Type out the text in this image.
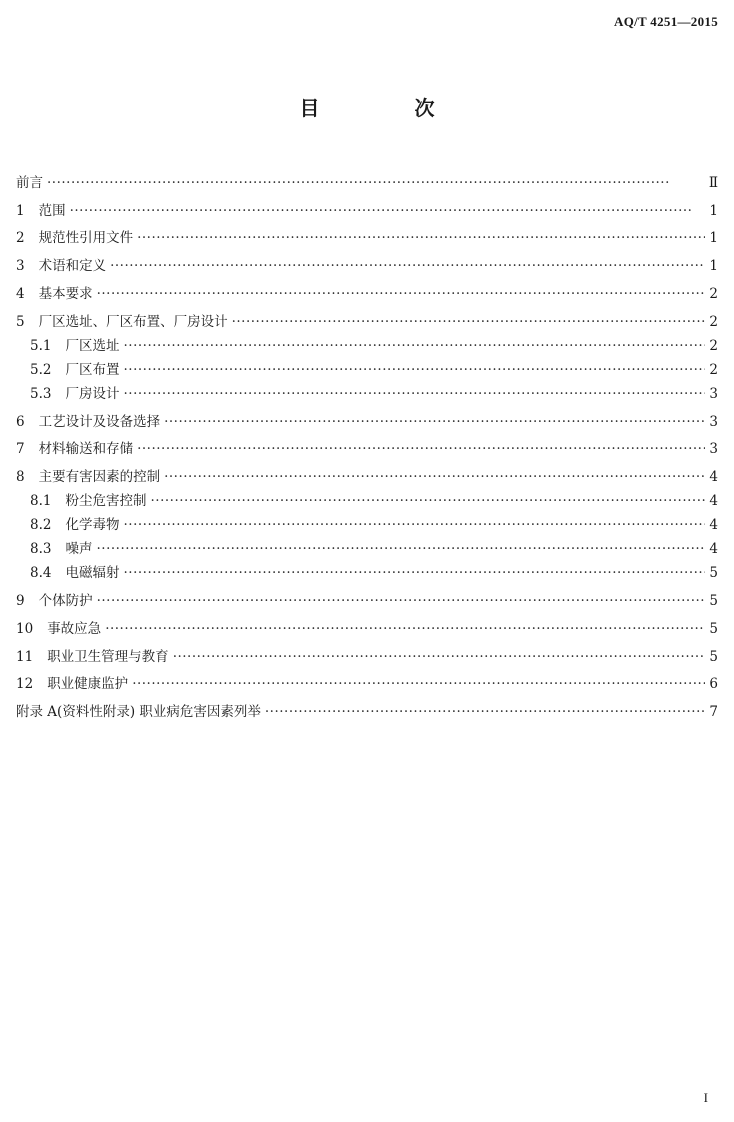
AQ/T 4251—2015
目 次
前言 ·····	Ⅱ
1 范围 ·····	1
2 规范性引用文件 ·····	1
3 术语和定义 ·····	1
4 基本要求 ·····	2
5 厂区选址、厂区布置、厂房设计 ·····	2
5.1 厂区选址 ·····	2
5.2 厂区布置 ·····	2
5.3 厂房设计 ·····	3
6 工艺设计及设备选择 ·····	3
7 材料输送和存储 ·····	3
8 主要有害因素的控制 ·····	4
8.1 粉尘危害控制 ·····	4
8.2 化学毒物 ·····	4
8.3 噪声 ·····	4
8.4 电磁辐射 ·····	5
9 个体防护 ·····	5
10 事故应急 ·····	5
11 职业卫生管理与教育 ·····	5
12 职业健康监护 ·····	6
附录 A (资料性附录) 职业病危害因素列举 ·····	7
I
